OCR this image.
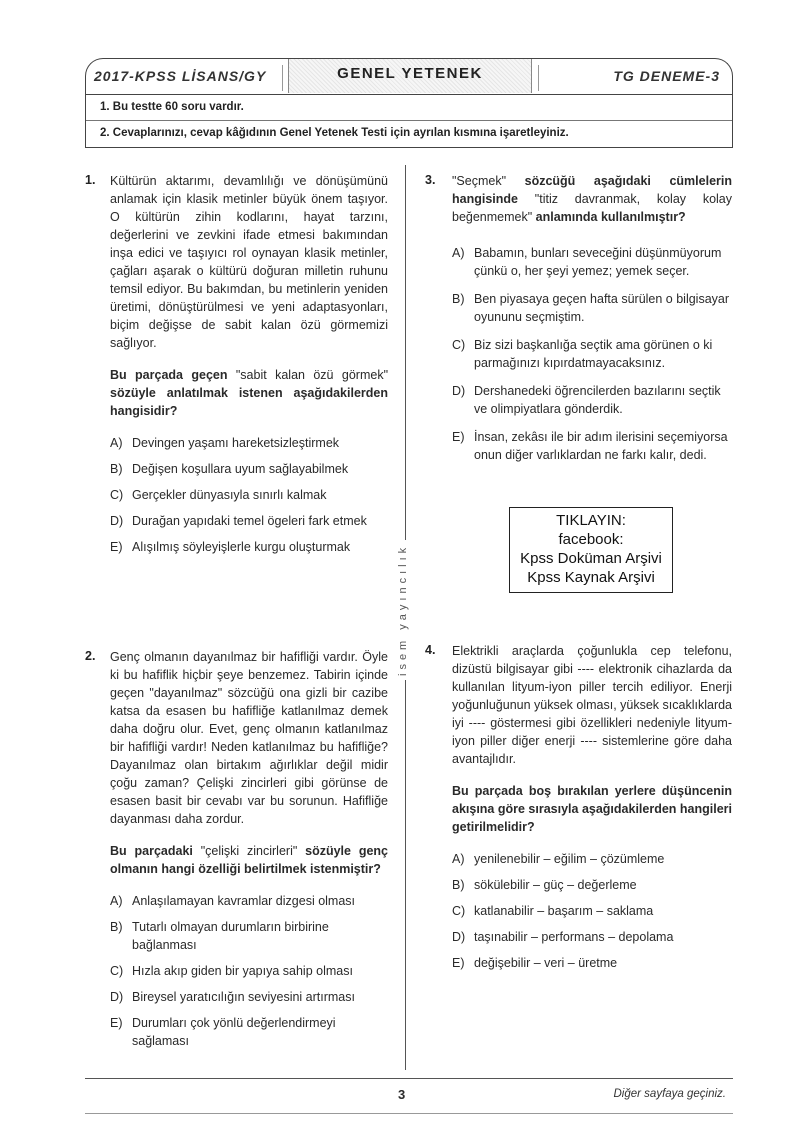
2017-KPSS LİSANS/GY	GENEL YETENEK	TG DENEME-3
1. Bu testte 60 soru vardır.
2. Cevaplarınızı, cevap kâğıdının Genel Yetenek Testi için ayrılan kısmına işaretleyiniz.
isem yayıncılık
1. Kültürün aktarımı, devamlılığı ve dönüşümünü anlamak için klasik metinler büyük önem taşıyor. O kültürün zihin kodlarını, hayat tarzını, değerlerini ve zevkini ifade etmesi bakımından inşa edici ve taşıyıcı rol oynayan klasik metinler, çağları aşarak o kültürü doğuran milletin ruhunu temsil ediyor. Bu bakımdan, bu metinlerin yeniden üretimi, dönüştürülmesi ve yeni adaptasyonları, biçim değişse de sabit kalan özü görmemizi sağlıyor.

Bu parçada geçen "sabit kalan özü görmek" sözüyle anlatılmak istenen aşağıdakilerden hangisidir?

A) Devingen yaşamı hareketsizleştirmek
B) Değişen koşullara uyum sağlayabilmek
C) Gerçekler dünyasıyla sınırlı kalmak
D) Durağan yapıdaki temel ögeleri fark etmek
E) Alışılmış söyleyişlerle kurgu oluşturmak
2. Genç olmanın dayanılmaz bir hafifliği vardır. Öyle ki bu hafiflik hiçbir şeye benzemez. Tabirin içinde geçen "dayanılmaz" sözcüğü ona gizli bir cazibe katsa da esasen bu hafifliğe katlanılmaz demek daha doğru olur. Evet, genç olmanın katlanılmaz bir hafifliği vardır! Neden katlanılmaz bu hafifliğe? Dayanılmaz olan birtakım ağırlıklar değil midir çoğu zaman? Çelişki zincirleri gibi görünse de esasen basit bir cevabı var bu sorunun. Hafifliğe dayanması daha zordur.

Bu parçadaki "çelişki zincirleri" sözüyle genç olmanın hangi özelliği belirtilmek istenmiştir?

A) Anlaşılamayan kavramlar dizgesi olması
B) Tutarlı olmayan durumların birbirine bağlanması
C) Hızla akıp giden bir yapıya sahip olması
D) Bireysel yaratıcılığın seviyesini artırması
E) Durumları çok yönlü değerlendirmeyi sağlaması
3. "Seçmek" sözcüğü aşağıdaki cümlelerin hangisinde "titiz davranmak, kolay kolay beğenmemek" anlamında kullanılmıştır?

A) Babamın, bunları seveceğini düşünmüyorum çünkü o, her şeyi yemez; yemek seçer.
B) Ben piyasaya geçen hafta sürülen o bilgisayar oyununu seçmiştim.
C) Biz sizi başkanlığa seçtik ama görünen o ki parmağınızı kıpırdatmayacaksınız.
D) Dershanedeki öğrencilerden bazılarını seçtik ve olimpiyatlara gönderdik.
E) İnsan, zekâsı ile bir adım ilerisini seçemiyorsa onun diğer varlıklardan ne farkı kalır, dedi.
TIKLAYIN:
facebook:
Kpss Doküman Arşivi
Kpss Kaynak Arşivi
4. Elektrikli araçlarda çoğunlukla cep telefonu, dizüstü bilgisayar gibi ---- elektronik cihazlarda da kullanılan lityum-iyon piller tercih ediliyor. Enerji yoğunluğunun yüksek olması, yüksek sıcaklıklarda iyi ---- göstermesi gibi özellikleri nedeniyle lityum-iyon piller diğer enerji ---- sistemlerine göre daha avantajlıdır.

Bu parçada boş bırakılan yerlere düşüncenin akışına göre sırasıyla aşağıdakilerden hangileri getirilmelidir?

A) yenilenebilir – eğilim – çözümleme
B) sökülebilir – güç – değerleme
C) katlanabilir – başarım – saklama
D) taşınabilir – performans – depolama
E) değişebilir – veri – üretme
3	Diğer sayfaya geçiniz.
